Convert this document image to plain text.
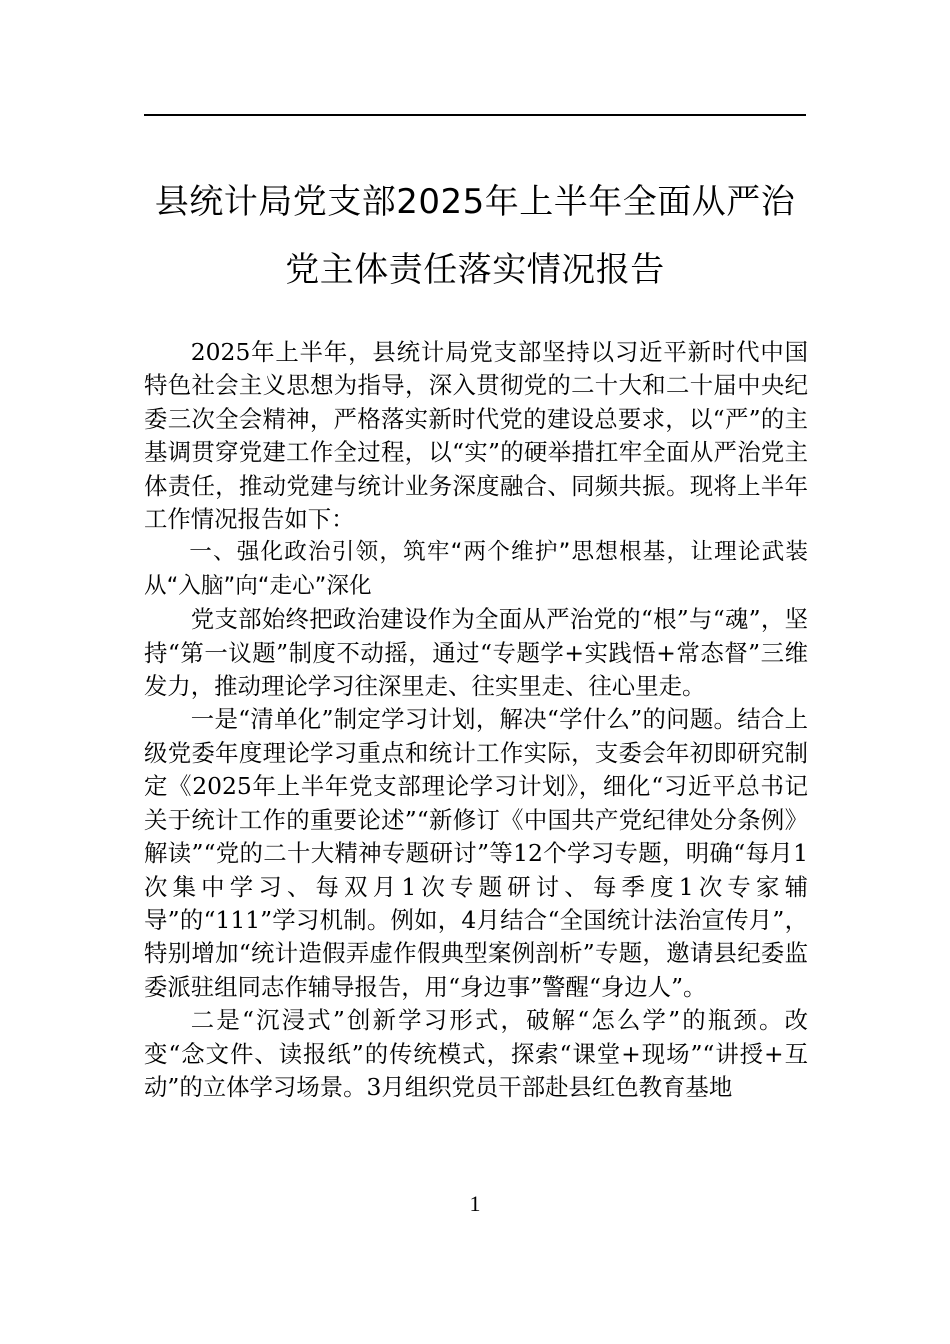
县统计局党支部2025年上半年全面从严治
党主体责任落实情况报告

2025年上半年，县统计局党支部坚持以习近平新时代中国特色社会主义思想为指导，深入贯彻党的二十大和二十届中央纪委三次全会精神，严格落实新时代党的建设总要求，以“严”的主基调贯穿党建工作全过程，以“实”的硬举措扛牢全面从严治党主体责任，推动党建与统计业务深度融合、同频共振。现将上半年工作情况报告如下：

一、强化政治引领，筑牢“两个维护”思想根基，让理论武装从“入脑”向“走心”深化

党支部始终把政治建设作为全面从严治党的“根”与“魂”，坚持“第一议题”制度不动摇，通过“专题学+实践悟+常态督”三维发力，推动理论学习往深里走、往实里走、往心里走。

一是“清单化”制定学习计划，解决“学什么”的问题。结合上级党委年度理论学习重点和统计工作实际，支委会年初即研究制定《2025年上半年党支部理论学习计划》，细化“习近平总书记关于统计工作的重要论述”“新修订《中国共产党纪律处分条例》解读”“党的二十大精神专题研讨”等12个学习专题，明确“每月1次集中学习、每双月1次专题研讨、每季度1次专家辅导”的“111”学习机制。例如，4月结合“全国统计法治宣传月”，特别增加“统计造假弄虚作假典型案例剖析”专题，邀请县纪委监委派驻组同志作辅导报告，用“身边事”警醒“身边人”。

二是“沉浸式”创新学习形式，破解“怎么学”的瓶颈。改变“念文件、读报纸”的传统模式，探索“课堂+现场”“讲授+互动”的立体学习场景。3月组织党员干部赴县红色教育基地

1
